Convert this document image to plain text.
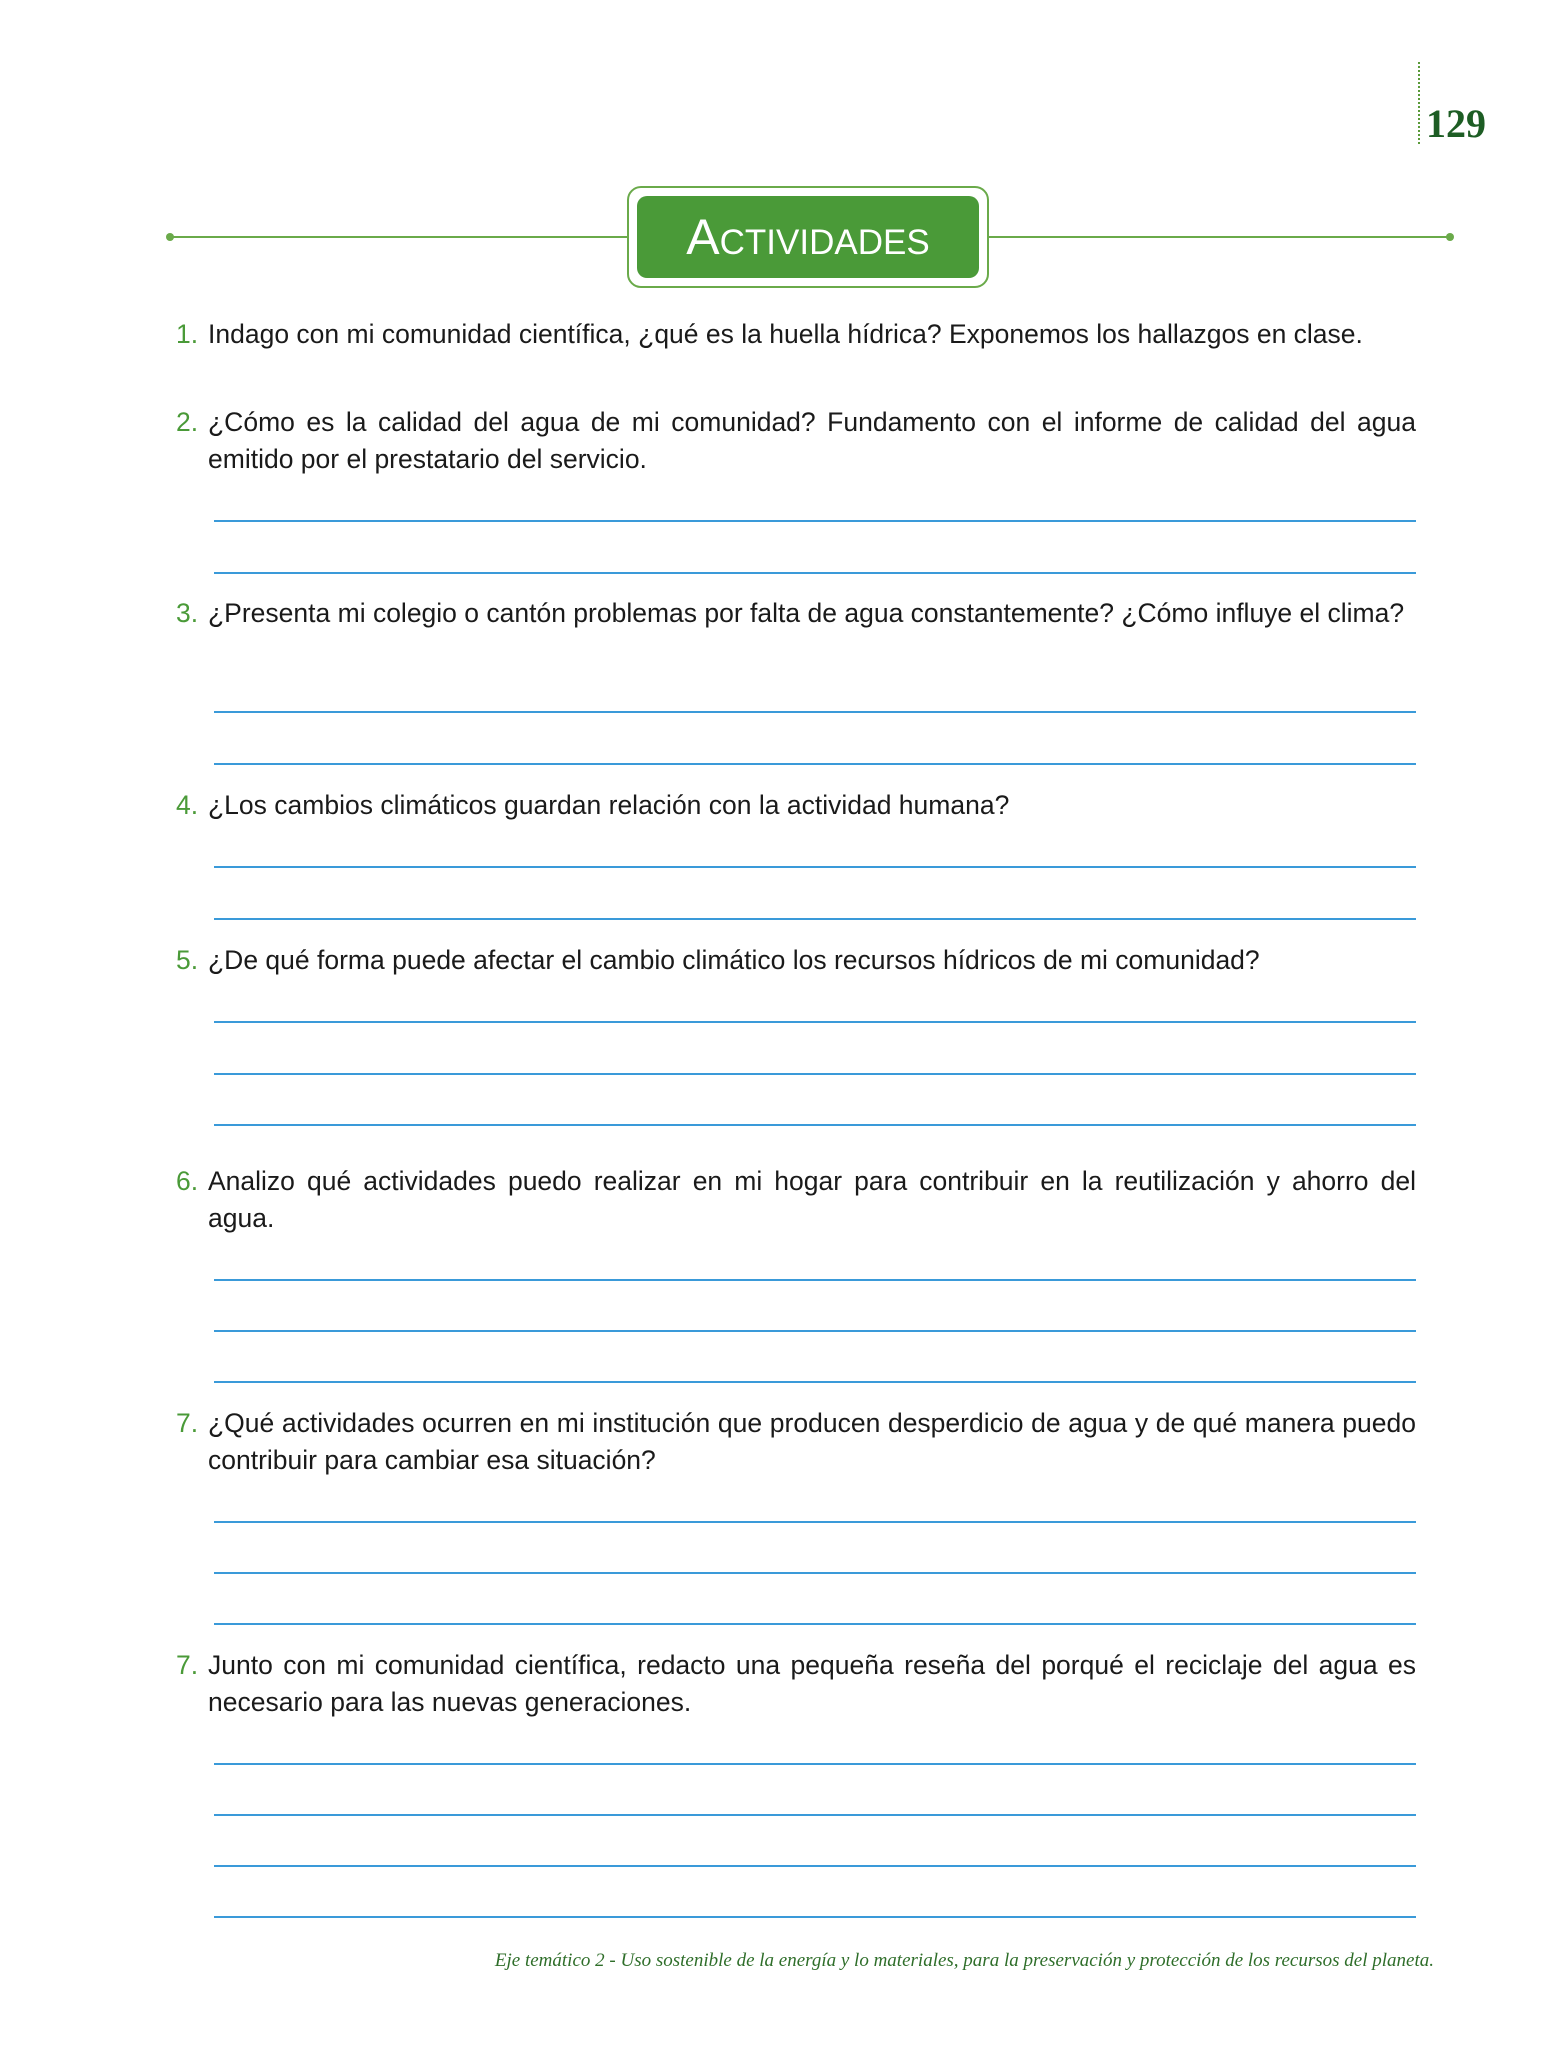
129
Actividades
1. Indago con mi comunidad científica, ¿qué es la huella hídrica? Exponemos los hallazgos en clase.
2. ¿Cómo es la calidad del agua de mi comunidad? Fundamento con el informe de calidad del agua emitido por el prestatario del servicio.
3. ¿Presenta mi colegio o cantón problemas por falta de agua constantemente? ¿Cómo influye el clima?
4. ¿Los cambios climáticos guardan relación con la actividad humana?
5. ¿De qué forma puede afectar el cambio climático los recursos hídricos de mi comunidad?
6. Analizo qué actividades puedo realizar en mi hogar para contribuir en la reutilización y ahorro del agua.
7. ¿Qué actividades ocurren en mi institución que producen desperdicio de agua y de qué manera puedo contribuir para cambiar esa situación?
7. Junto con mi comunidad científica, redacto una pequeña reseña del porqué el reciclaje del agua es necesario para las nuevas generaciones.
Eje temático 2 - Uso sostenible de la energía y lo materiales, para la preservación y protección de los recursos del planeta.
